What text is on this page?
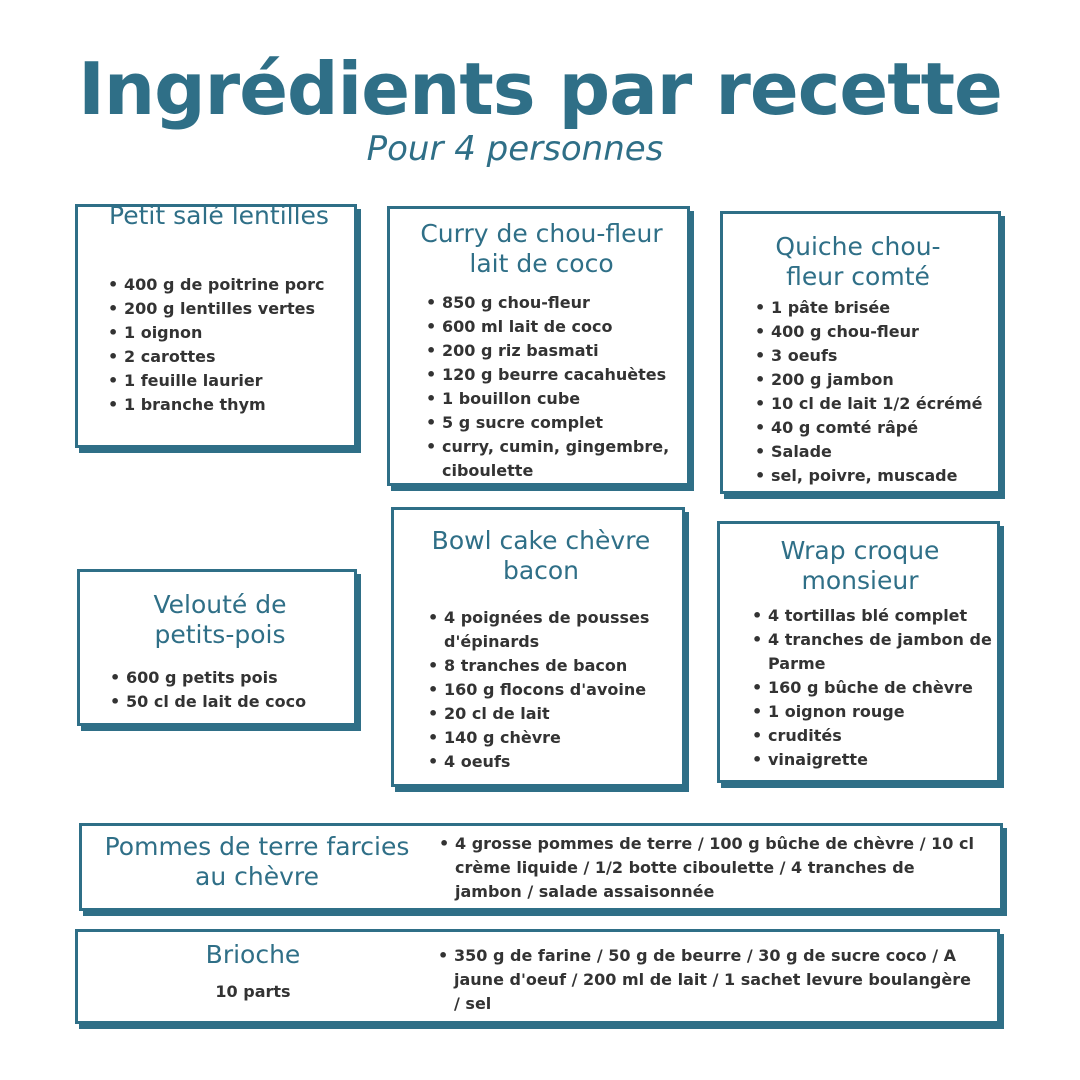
Ingrédients par recette
Pour 4 personnes
Petit salé lentilles
• 400 g de poitrine porc
• 200 g lentilles vertes
• 1 oignon
• 2 carottes
• 1 feuille laurier
• 1 branche thym
Curry de chou-fleur lait de coco
• 850 g chou-fleur
• 600 ml lait de coco
• 200 g riz basmati
• 120 g beurre cacahuètes
• 1 bouillon cube
• 5 g sucre complet
• curry, cumin, gingembre, ciboulette
Quiche chou-fleur comté
• 1 pâte brisée
• 400 g chou-fleur
• 3 oeufs
• 200 g jambon
• 10 cl de lait 1/2 écrémé
• 40 g comté râpé
• Salade
• sel, poivre, muscade
Velouté de petits-pois
• 600 g petits pois
• 50 cl de lait de coco
Bowl cake chèvre bacon
• 4 poignées de pousses d'épinards
• 8 tranches de bacon
• 160 g flocons d'avoine
• 20 cl de lait
• 140 g chèvre
• 4 oeufs
Wrap croque monsieur
• 4 tortillas blé complet
• 4 tranches de jambon de Parme
• 160 g bûche de chèvre
• 1 oignon rouge
• crudités
• vinaigrette
Pommes de terre farcies au chèvre
• 4 grosse pommes de terre / 100 g bûche de chèvre / 10 cl crème liquide / 1/2 botte ciboulette / 4 tranches de jambon / salade assaisonnée
Brioche
10 parts
• 350 g de farine / 50 g de beurre / 30 g de sucre coco / A jaune d'oeuf / 200 ml de lait / 1 sachet levure boulangère / sel
